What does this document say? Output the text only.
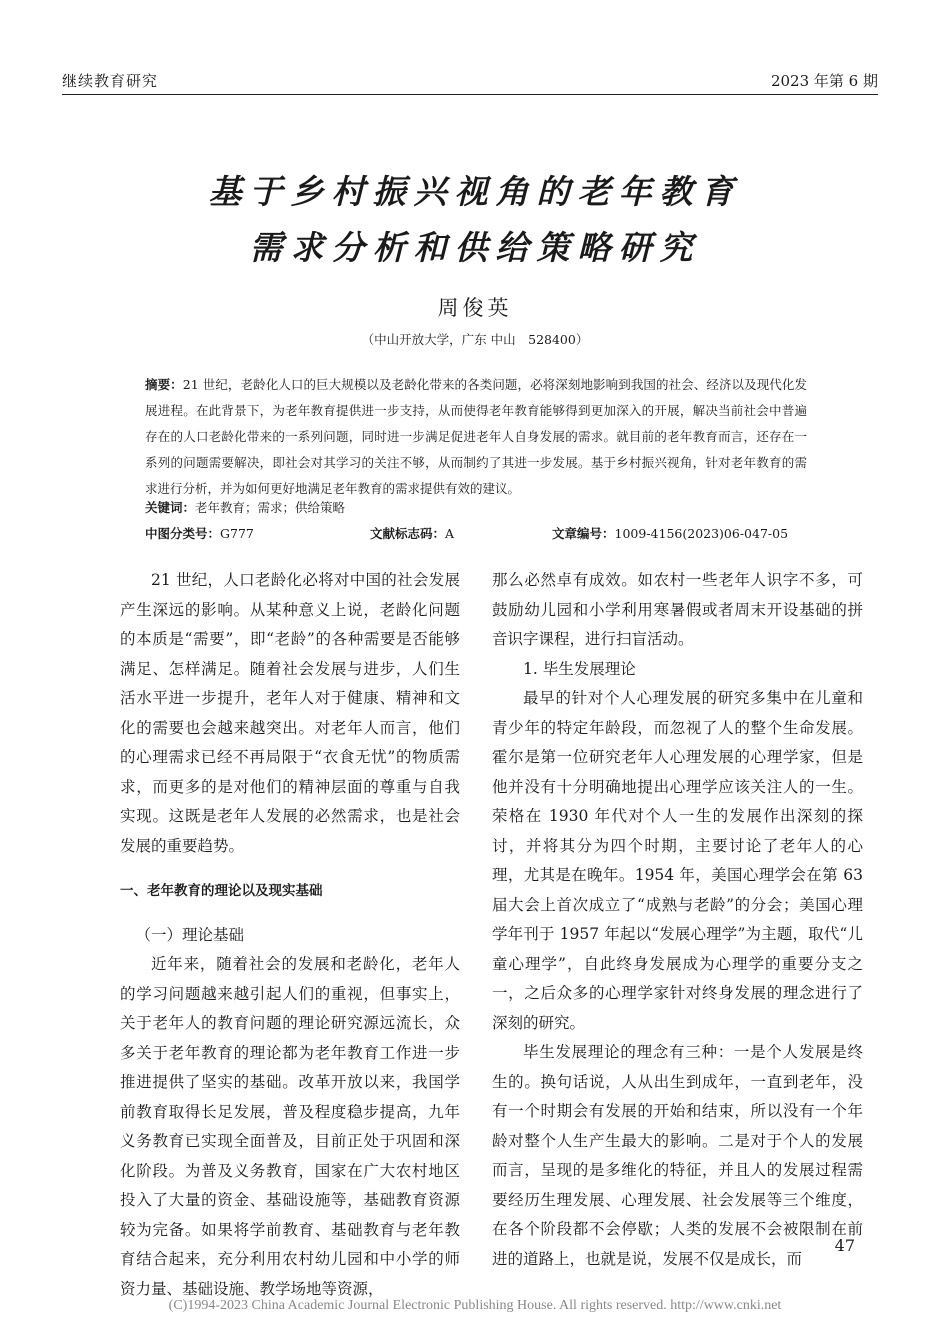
继续教育研究	2023 年第 6 期
基于乡村振兴视角的老年教育
需求分析和供给策略研究
周俊英
（中山开放大学，广东 中山　528400）
摘要：21 世纪，老龄化人口的巨大规模以及老龄化带来的各类问题，必将深刻地影响到我国的社会、经济以及现代化发展进程。在此背景下，为老年教育提供进一步支持，从而使得老年教育能够得到更加深入的开展，解决当前社会中普遍存在的人口老龄化带来的一系列问题，同时进一步满足促进老年人自身发展的需求。就目前的老年教育而言，还存在一系列的问题需要解决，即社会对其学习的关注不够，从而制约了其进一步发展。基于乡村振兴视角，针对老年教育的需求进行分析，并为如何更好地满足老年教育的需求提供有效的建议。
关键词：老年教育；需求；供给策略
中图分类号：G777	文献标志码：A	文章编号：1009-4156(2023)06-047-05

21 世纪，人口老龄化必将对中国的社会发展产生深远的影响。从某种意义上说，老龄化问题的本质是“需要”，即“老龄”的各种需要是否能够满足、怎样满足。随着社会发展与进步，人们生活水平进一步提升，老年人对于健康、精神和文化的需要也会越来越突出。对老年人而言，他们的心理需求已经不再局限于“衣食无忧”的物质需求，而更多的是对他们的精神层面的尊重与自我实现。这既是老年人发展的必然需求，也是社会发展的重要趋势。

一、老年教育的理论以及现实基础

（一）理论基础

近年来，随着社会的发展和老龄化，老年人的学习问题越来越引起人们的重视，但事实上，关于老年人的教育问题的理论研究源远流长，众多关于老年教育的理论都为老年教育工作进一步推进提供了坚实的基础。改革开放以来，我国学前教育取得长足发展，普及程度稳步提高，九年义务教育已实现全面普及，目前正处于巩固和深化阶段。为普及义务教育，国家在广大农村地区投入了大量的资金、基础设施等，基础教育资源较为完备。如果将学前教育、基础教育与老年教育结合起来，充分利用农村幼儿园和中小学的师资力量、基础设施、教学场地等资源，

那么必然卓有成效。如农村一些老年人识字不多，可鼓励幼儿园和小学利用寒暑假或者周末开设基础的拼音识字课程，进行扫盲活动。

1. 毕生发展理论

最早的针对个人心理发展的研究多集中在儿童和青少年的特定年龄段，而忽视了人的整个生命发展。霍尔是第一位研究老年人心理发展的心理学家，但是他并没有十分明确地提出心理学应该关注人的一生。荣格在 1930 年代对个人一生的发展作出深刻的探讨，并将其分为四个时期，主要讨论了老年人的心理，尤其是在晚年。1954 年，美国心理学会在第 63 届大会上首次成立了“成熟与老龄”的分会；美国心理学年刊于 1957 年起以“发展心理学”为主题，取代“儿童心理学”，自此终身发展成为心理学的重要分支之一，之后众多的心理学家针对终身发展的理念进行了深刻的研究。

毕生发展理论的理念有三种：一是个人发展是终生的。换句话说，人从出生到成年，一直到老年，没有一个时期会有发展的开始和结束，所以没有一个年龄对整个人生产生最大的影响。二是对于个人的发展而言，呈现的是多维化的特征，并且人的发展过程需要经历生理发展、心理发展、社会发展等三个维度，在各个阶段都不会停歇；人类的发展不会被限制在前进的道路上，也就是说，发展不仅是成长，而

47
(C)1994-2023 China Academic Journal Electronic Publishing House. All rights reserved. http://www.cnki.net
